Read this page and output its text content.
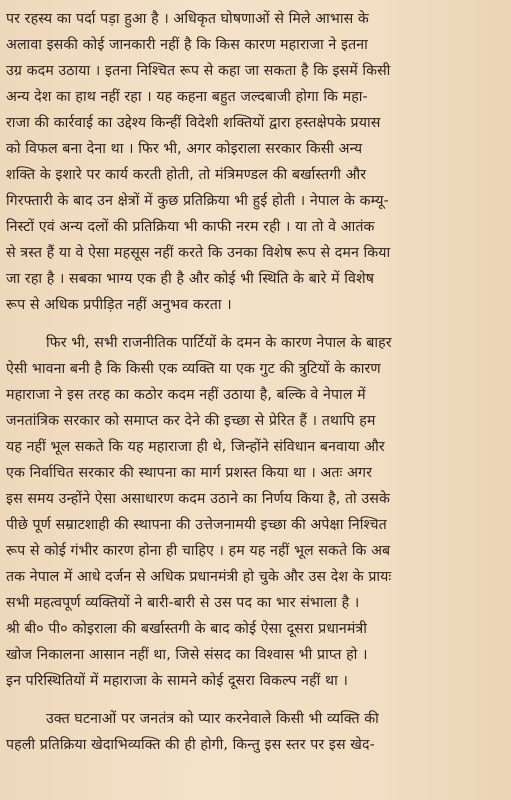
पर रहस्य का पर्दा पड़ा हुआ है । अधिकृत घोषणाओं से मिले आभास के
अलावा इसकी कोई जानकारी नहीं है कि किस कारण महाराजा ने इतना
उग्र कदम उठाया । इतना निश्चित रूप से कहा जा सकता है कि इसमें किसी
अन्य देश का हाथ नहीं रहा । यह कहना बहुत जल्दबाजी होगा कि महा-
राजा की कार्रवाई का उद्देश्य किन्हीं विदेशी शक्तियों द्वारा हस्तक्षेपके प्रयास
को विफल बना देना था । फिर भी, अगर कोइराला सरकार किसी अन्य
शक्ति के इशारे पर कार्य करती होती, तो मंत्रिमण्डल की बर्खास्तगी और
गिरफ्तारी के बाद उन क्षेत्रों में कुछ प्रतिक्रिया भी हुई होती । नेपाल के कम्यू-
निस्टों एवं अन्य दलों की प्रतिक्रिया भी काफी नरम रही । या तो वे आतंक
से त्रस्त हैं या वे ऐसा महसूस नहीं करते कि उनका विशेष रूप से दमन किया
जा रहा है । सबका भाग्य एक ही है और कोई भी स्थिति के बारे में विशेष
रूप से अधिक प्रपीड़ित नहीं अनुभव करता ।
फिर भी, सभी राजनीतिक पार्टियों के दमन के कारण नेपाल के बाहर
ऐसी भावना बनी है कि किसी एक व्यक्ति या एक गुट की त्रुटियों के कारण
महाराजा ने इस तरह का कठोर कदम नहीं उठाया है, बल्कि वे नेपाल में
जनतांत्रिक सरकार को समाप्त कर देने की इच्छा से प्रेरित हैं । तथापि हम
यह नहीं भूल सकते कि यह महाराजा ही थे, जिन्होंने संविधान बनवाया और
एक निर्वाचित सरकार की स्थापना का मार्ग प्रशस्त किया था । अतः अगर
इस समय उन्होंने ऐसा असाधारण कदम उठाने का निर्णय किया है, तो उसके
पीछे पूर्ण सम्राटशाही की स्थापना की उत्तेजनामयी इच्छा की अपेक्षा निश्चित
रूप से कोई गंभीर कारण होना ही चाहिए । हम यह नहीं भूल सकते कि अब
तक नेपाल में आधे दर्जन से अधिक प्रधानमंत्री हो चुके और उस देश के प्रायः
सभी महत्वपूर्ण व्यक्तियों ने बारी-बारी से उस पद का भार संभाला है ।
श्री बी० पी० कोइराला की बर्खास्तगी के बाद कोई ऐसा दूसरा प्रधानमंत्री
खोज निकालना आसान नहीं था, जिसे संसद का विश्वास भी प्राप्त हो ।
इन परिस्थितियों में महाराजा के सामने कोई दूसरा विकल्प नहीं था ।
उक्त घटनाओं पर जनतंत्र को प्यार करनेवाले किसी भी व्यक्ति की
पहली प्रतिक्रिया खेदाभिव्यक्ति की ही होगी, किन्तु इस स्तर पर इस खेद-
